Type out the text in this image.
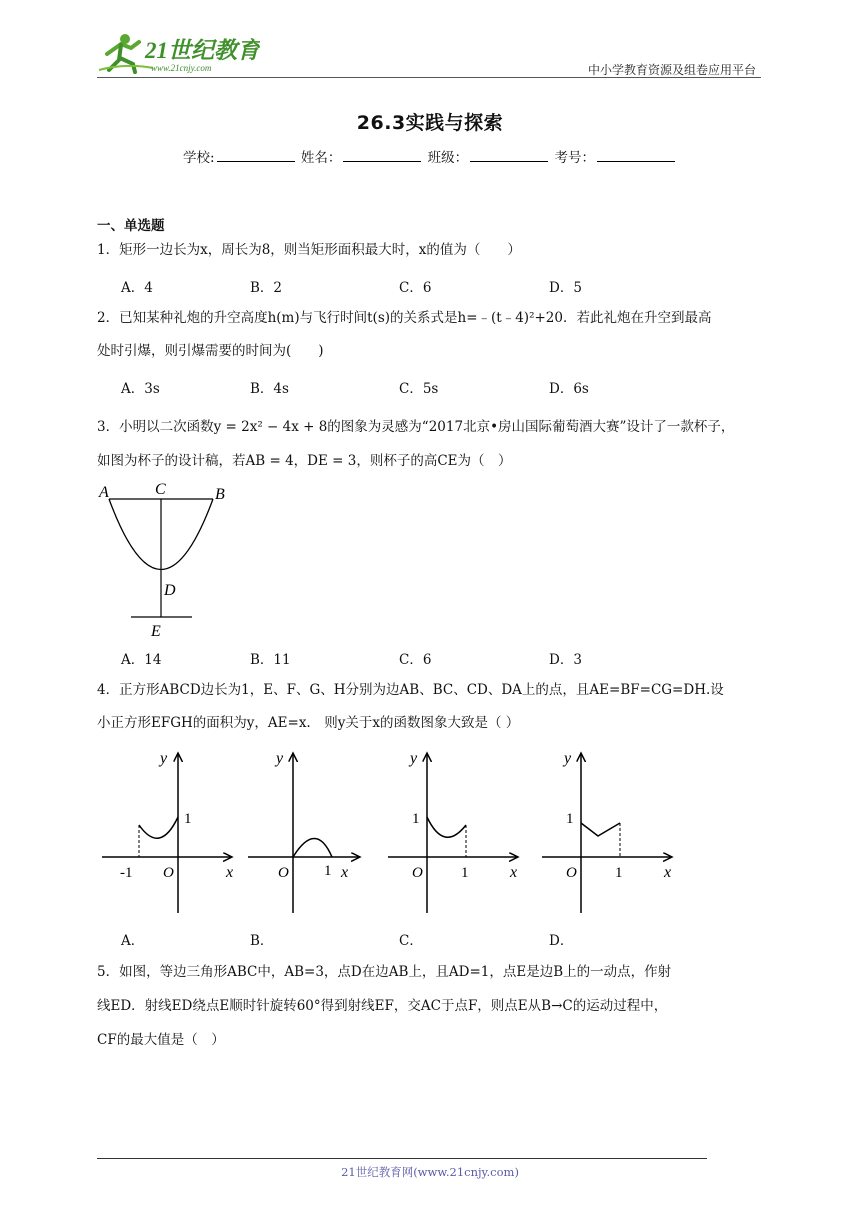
21世纪教育
www.21cnjy.com	中小学教育资源及组卷应用平台
26.3实践与探索
学校:	姓名：	班级：	考号：
一、单选题
1．矩形一边长为x，周长为8，则当矩形面积最大时，x的值为（　　）
A．4	B．2	C．6	D．5
2．已知某种礼炮的升空高度h(m)与飞行时间t(s)的关系式是h=﹣(t﹣4)²+20．若此礼炮在升空到最高
处时引爆，则引爆需要的时间为(　　)
A．3s	B．4s	C．5s	D．6s
3．小明以二次函数y = 2x² − 4x + 8的图象为灵感为“2017北京•房山国际葡萄酒大赛”设计了一款杯子，
如图为杯子的设计稿，若AB = 4，DE = 3，则杯子的高CE为（　）
A	C	B
D
E
A．14	B．11	C．6	D．3
4．正方形ABCD边长为1，E、F、G、H分别为边AB、BC、CD、DA上的点，且AE=BF=CG=DH.设
小正方形EFGH的面积为y，AE=x.　则y关于x的函数图象大致是（ ）
y
x
O
-1
1
y
x
O 1
y
x
O
1
1
y
x
O
1
1
A．	B．	C．	D．
5．如图，等边三角形ABC中，AB=3，点D在边AB上，且AD=1，点E是边B上的一动点，作射
线ED．射线ED绕点E顺时针旋转60°得到射线EF，交AC于点F，则点E从B→C的运动过程中，
CF的最大值是（　）
21世纪教育网(www.21cnjy.com)
